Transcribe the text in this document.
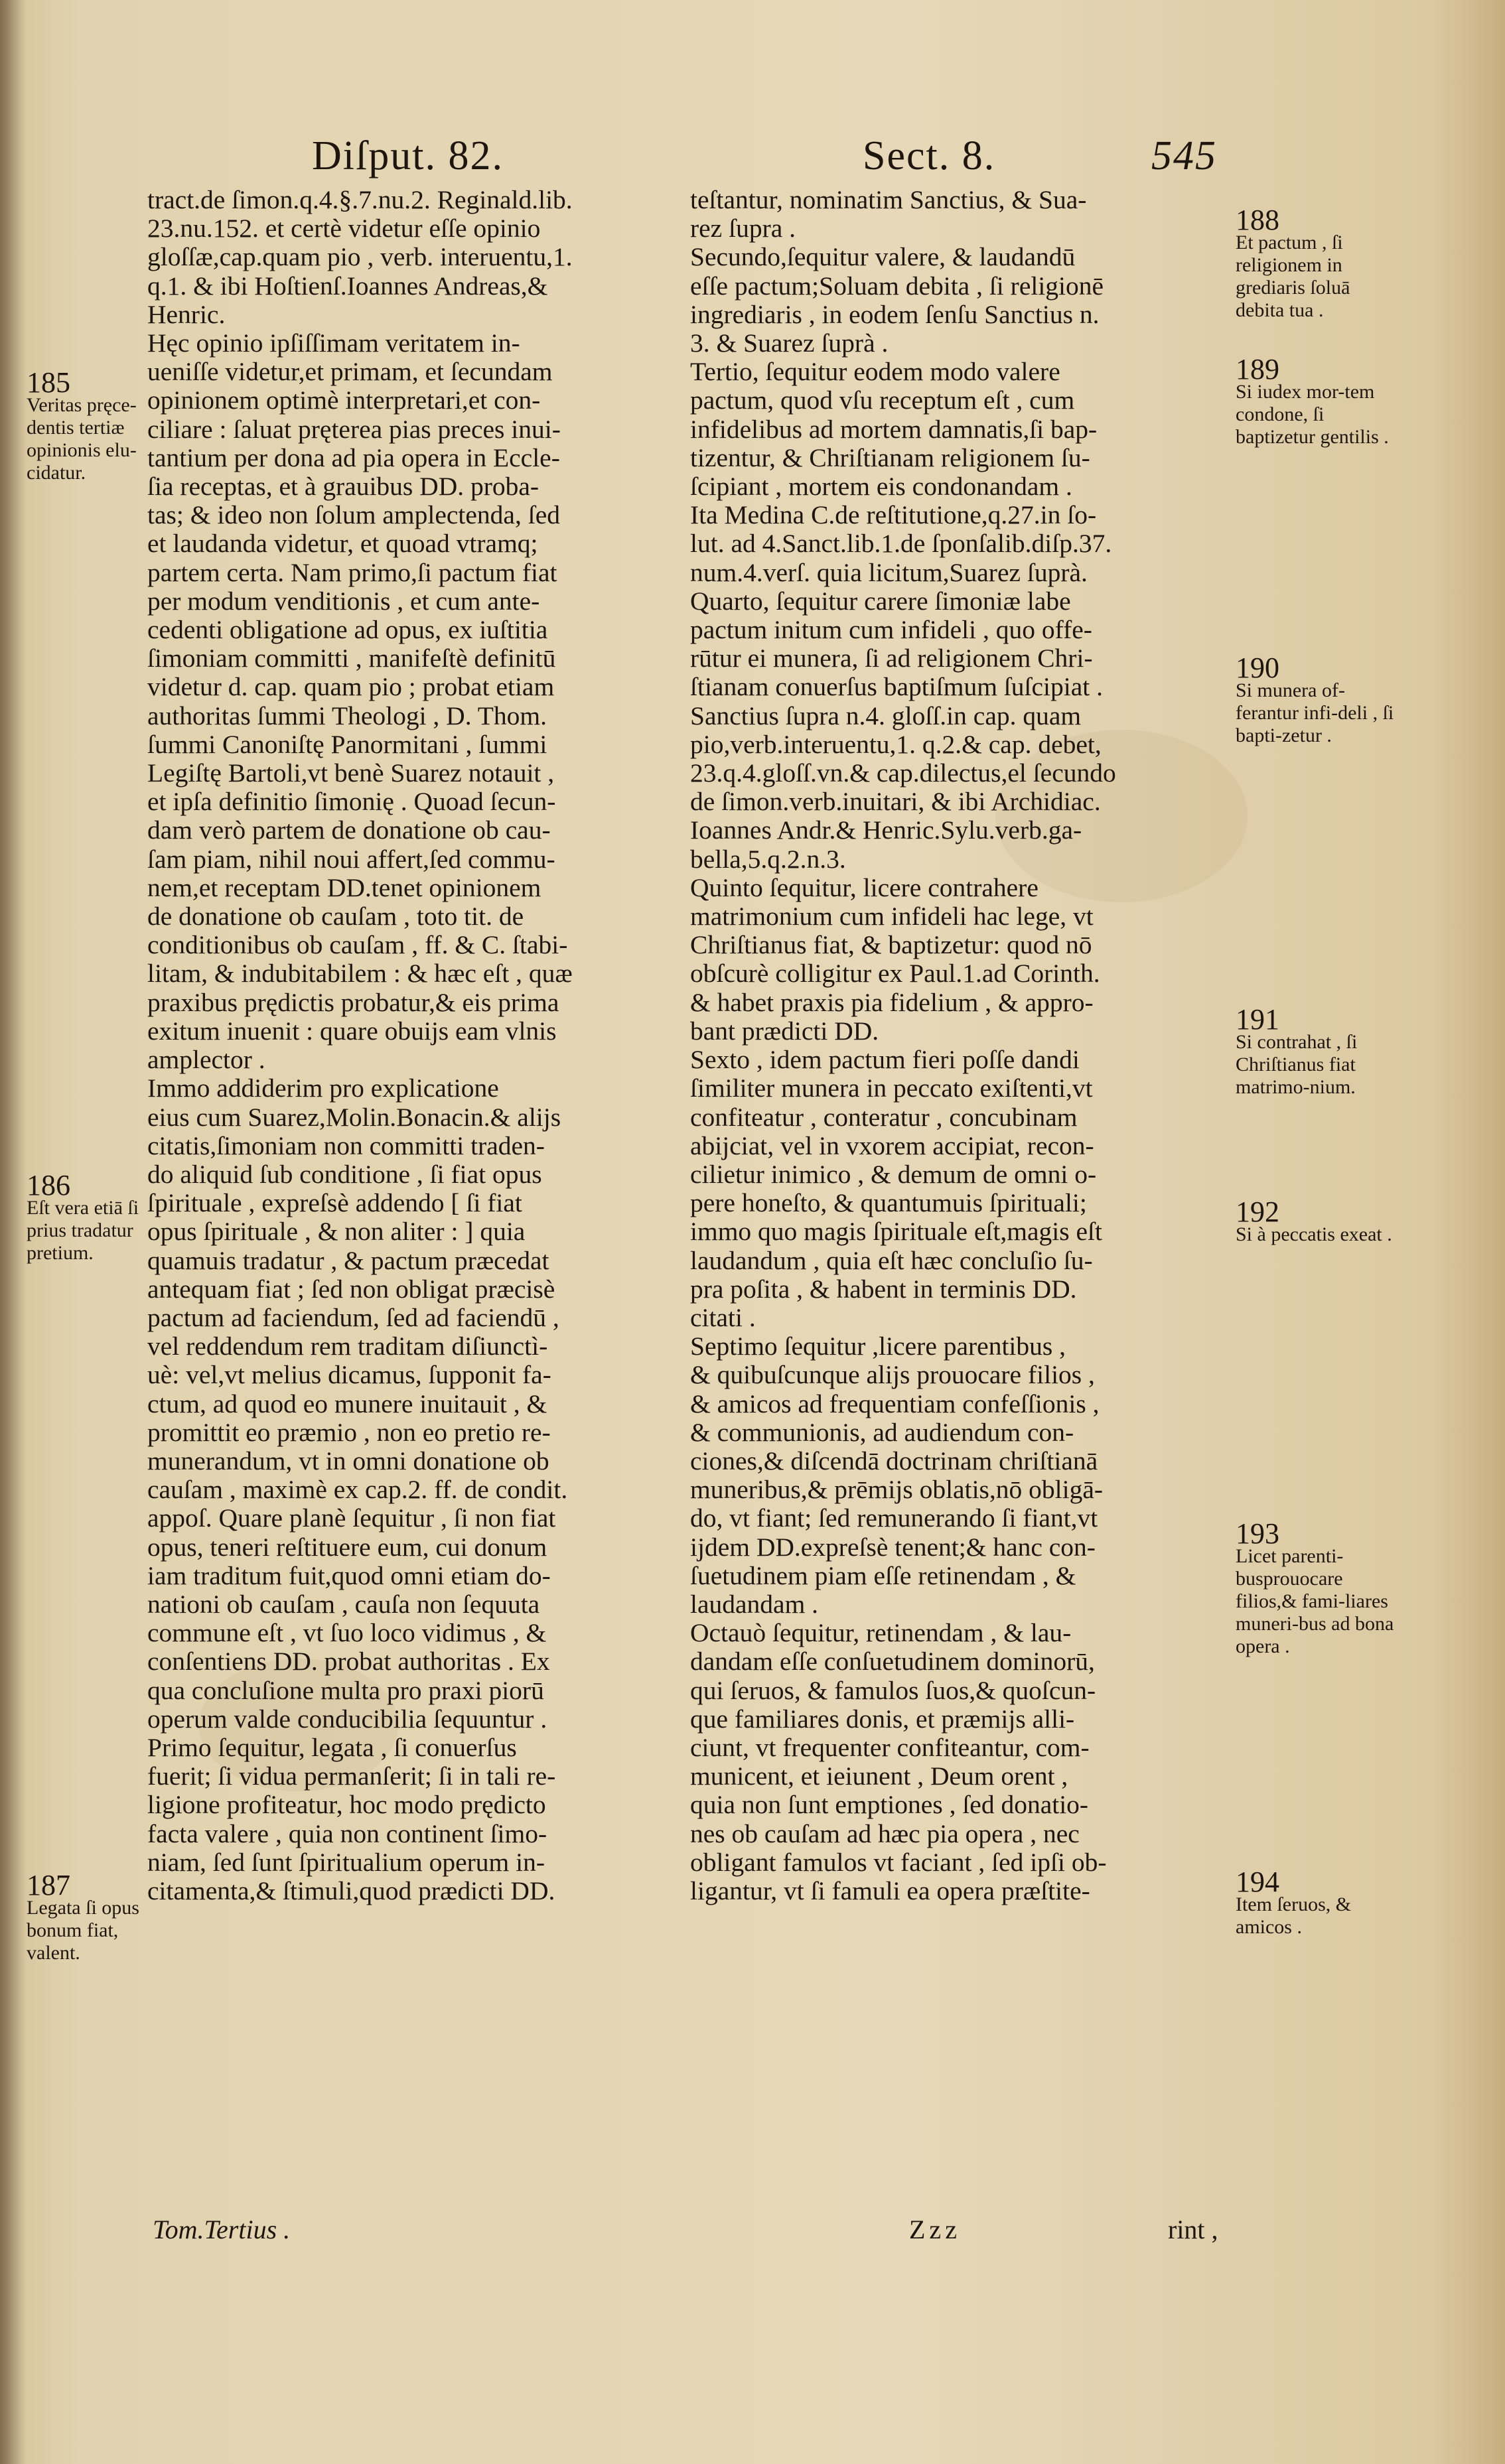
Diſput. 82.	Sect. 8.	545
tract.de ſimon.q.4.§.7.nu.2. Reginald.lib.
23.nu.152. et certè videtur eſſe opinio
gloſſæ,cap.quam pio , verb. interuentu,1.
q.1. & ibi Hoſtienſ.Ioannes Andreas,&
Henric.
Hęc opinio ipſiſſimam veritatem in-
ueniſſe videtur,et primam, et ſecundam
opinionem optimè interpretari,et con-
ciliare : ſaluat pręterea pias preces inui-
tantium per dona ad pia opera in Eccle-
ſia receptas, et à grauibus DD. proba-
tas; & ideo non ſolum amplectenda, ſed
et laudanda videtur, et quoad vtramq;
partem certa. Nam primo,ſi pactum fiat
per modum venditionis , et cum ante-
cedenti obligatione ad opus, ex iuſtitia
ſimoniam committi , manifeſtè definitū
videtur d. cap. quam pio ; probat etiam
authoritas ſummi Theologi , D. Thom.
ſummi Canoniſtę Panormitani , ſummi
Legiſtę Bartoli,vt benè Suarez notauit ,
et ipſa definitio ſimonię . Quoad ſecun-
dam verò partem de donatione ob cau-
ſam piam, nihil noui affert,ſed commu-
nem,et receptam DD.tenet opinionem
de donatione ob cauſam , toto tit. de
conditionibus ob cauſam , ff. & C. ſtabi-
litam, & indubitabilem : & hæc eſt , quæ
praxibus prędictis probatur,& eis prima
exitum inuenit : quare obuijs eam vlnis
amplector .
Immo addiderim pro explicatione
eius cum Suarez,Molin.Bonacin.& alijs
citatis,ſimoniam non committi traden-
do aliquid ſub conditione , ſi fiat opus
ſpirituale , expreſsè addendo [ ſi fiat
opus ſpirituale , & non aliter : ] quia
quamuis tradatur , & pactum præcedat
antequam fiat ; ſed non obligat præcisè
pactum ad faciendum, ſed ad faciendū ,
vel reddendum rem traditam diſiunctì-
uè: vel,vt melius dicamus, ſupponit fa-
ctum, ad quod eo munere inuitauit , &
promittit eo præmio , non eo pretio re-
munerandum, vt in omni donatione ob
cauſam , maximè ex cap.2. ff. de condit.
appoſ. Quare planè ſequitur , ſi non fiat
opus, teneri reſtituere eum, cui donum
iam traditum fuit,quod omni etiam do-
nationi ob cauſam , cauſa non ſequuta
commune eſt , vt ſuo loco vidimus , &
conſentiens DD. probat authoritas . Ex
qua concluſione multa pro praxi piorū
operum valde conducibilia ſequuntur .
Primo ſequitur, legata , ſi conuerſus
fuerit; ſi vidua permanſerit; ſi in tali re-
ligione profiteatur, hoc modo prędicto
facta valere , quia non continent ſimo-
niam, ſed ſunt ſpiritualium operum in-
citamenta,& ſtimuli,quod prædicti DD.
teſtantur, nominatim Sanctius, & Sua-
rez ſupra .
Secundo,ſequitur valere, & laudandū
eſſe pactum;Soluam debita , ſi religionē
ingrediaris , in eodem ſenſu Sanctius n.
3. & Suarez ſuprà .
Tertio, ſequitur eodem modo valere
pactum, quod vſu receptum eſt , cum
infidelibus ad mortem damnatis,ſi bap-
tizentur, & Chriſtianam religionem ſu-
ſcipiant , mortem eis condonandam .
Ita Medina C.de reſtitutione,q.27.in ſo-
lut. ad 4.Sanct.lib.1.de ſponſalib.diſp.37.
num.4.verſ. quia licitum,Suarez ſuprà.
Quarto, ſequitur carere ſimoniæ labe
pactum initum cum infideli , quo offe-
rūtur ei munera, ſi ad religionem Chri-
ſtianam conuerſus baptiſmum ſuſcipiat .
Sanctius ſupra n.4. gloſſ.in cap. quam
pio,verb.interuentu,1. q.2.& cap. debet,
23.q.4.gloſſ.vn.& cap.dilectus,el ſecundo
de ſimon.verb.inuitari, & ibi Archidiac.
Ioannes Andr.& Henric.Sylu.verb.ga-
bella,5.q.2.n.3.
Quinto ſequitur, licere contrahere
matrimonium cum infideli hac lege, vt
Chriſtianus fiat, & baptizetur: quod nō
obſcurè colligitur ex Paul.1.ad Corinth.
& habet praxis pia fidelium , & appro-
bant prædicti DD.
Sexto , idem pactum fieri poſſe dandi
ſimiliter munera in peccato exiſtenti,vt
confiteatur , conteratur , concubinam
abijciat, vel in vxorem accipiat, recon-
cilietur inimico , & demum de omni o-
pere honeſto, & quantumuis ſpirituali;
immo quo magis ſpirituale eſt,magis eſt
laudandum , quia eſt hæc concluſio ſu-
pra poſita , & habent in terminis DD.
citati .
Septimo ſequitur ,licere parentibus ,
& quibuſcunque alijs prouocare filios ,
& amicos ad frequentiam confeſſionis ,
& communionis, ad audiendum con-
ciones,& diſcendā doctrinam chriſtianā
muneribus,& prēmijs oblatis,nō obligā-
do, vt fiant; ſed remunerando ſi fiant,vt
ijdem DD.expreſsè tenent;& hanc con-
ſuetudinem piam eſſe retinendam , &
laudandam .
Octauò ſequitur, retinendam , & lau-
dandam eſſe conſuetudinem dominorū,
qui ſeruos, & famulos ſuos,& quoſcun-
que familiares donis, et præmijs alli-
ciunt, vt frequenter confiteantur, com-
municent, et ieiunent , Deum orent ,
quia non ſunt emptiones , ſed donatio-
nes ob cauſam ad hæc pia opera , nec
obligant famulos vt faciant , ſed ipſi ob-
ligantur, vt ſi famuli ea opera præſtite-
185
Veritas pręce-dentis tertiæ opinionis elu-cidatur.
186
Eſt vera etiā ſi prius tradatur pretium.
187
Legata ſi opus bonum fiat, valent.
188
Et pactum , ſi religionem in grediaris ſoluā debita tua .
189
Si iudex mor-tem condone, ſi baptizetur gentilis .
190
Si munera of-ferantur infi-deli , ſi bapti-zetur .
191
Si contrahat , ſi Chriſtianus fiat matrimo-nium.
192
Si à peccatis exeat .
193
Licet parenti-busprouocare filios,& fami-liares muneri-bus ad bona opera .
194
Item ſeruos, & amicos .
Tom.Tertius .	Zzz	rint ,
